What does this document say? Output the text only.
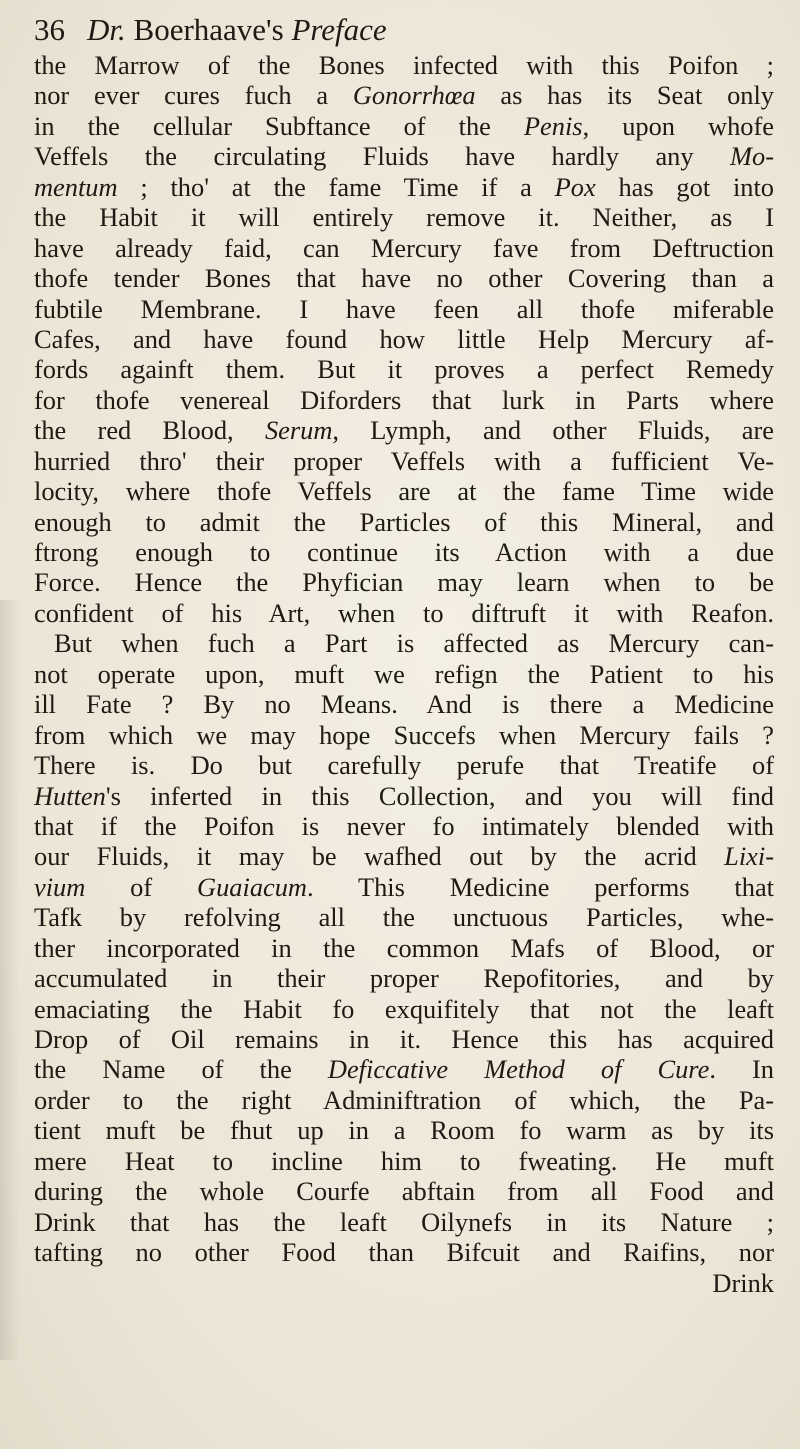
36 Dr. Boerhaave's Preface
the Marrow of the Bones infected with this Poifon ;
nor ever cures fuch a Gonorrhœa as has its Seat only
in the cellular Subftance of the Penis, upon whofe
Veffels the circulating Fluids have hardly any Mo-
mentum ; tho' at the fame Time if a Pox has got into
the Habit it will entirely remove it. Neither, as I
have already faid, can Mercury fave from Deftruction
thofe tender Bones that have no other Covering than a
fubtile Membrane. I have feen all thofe miferable
Cafes, and have found how little Help Mercury af-
fords againft them. But it proves a perfect Remedy
for thofe venereal Diforders that lurk in Parts where
the red Blood, Serum, Lymph, and other Fluids, are
hurried thro' their proper Veffels with a fufficient Ve-
locity, where thofe Veffels are at the fame Time wide
enough to admit the Particles of this Mineral, and
ftrong enough to continue its Action with a due
Force. Hence the Phyfician may learn when to be
confident of his Art, when to diftruft it with Reafon.
But when fuch a Part is affected as Mercury can-
not operate upon, muft we refign the Patient to his
ill Fate ? By no Means. And is there a Medicine
from which we may hope Succefs when Mercury fails ?
There is. Do but carefully perufe that Treatife of
Hutten's inferted in this Collection, and you will find
that if the Poifon is never fo intimately blended with
our Fluids, it may be wafhed out by the acrid Lixi-
vium of Guaiacum. This Medicine performs that
Tafk by refolving all the unctuous Particles, whe-
ther incorporated in the common Mafs of Blood, or
accumulated in their proper Repofitories, and by
emaciating the Habit fo exquifitely that not the leaft
Drop of Oil remains in it. Hence this has acquired
the Name of the Deficcative Method of Cure. In
order to the right Adminiftration of which, the Pa-
tient muft be fhut up in a Room fo warm as by its
mere Heat to incline him to fweating. He muft
during the whole Courfe abftain from all Food and
Drink that has the leaft Oilynefs in its Nature ;
tafting no other Food than Bifcuit and Raifins, nor
Drink
